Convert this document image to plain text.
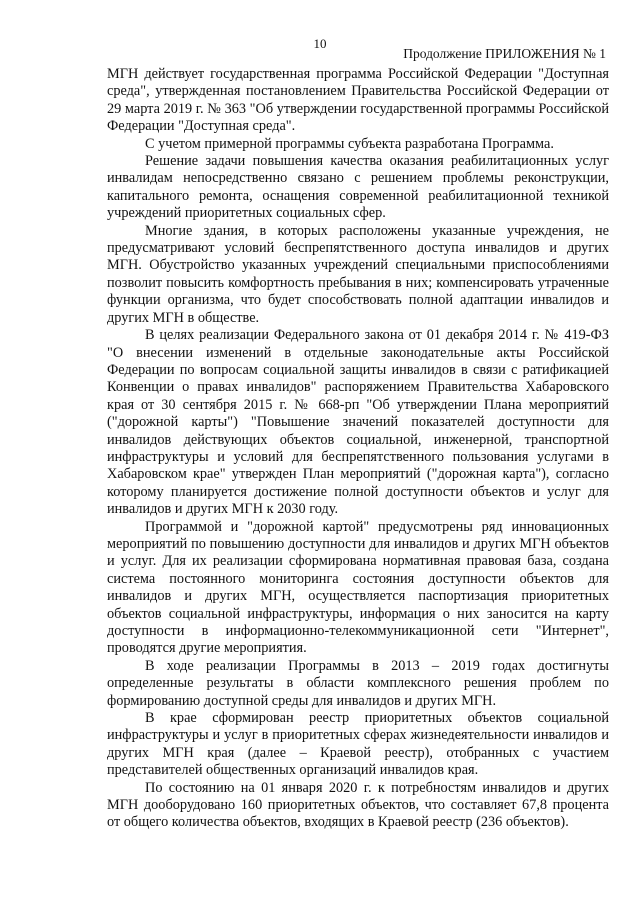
10
Продолжение ПРИЛОЖЕНИЯ № 1

МГН действует государственная программа Российской Федерации "Доступная среда", утвержденная постановлением Правительства Российской Федерации от 29 марта 2019 г. № 363 "Об утверждении государственной программы Российской Федерации "Доступная среда".

С учетом примерной программы субъекта разработана Программа.

Решение задачи повышения качества оказания реабилитационных услуг инвалидам непосредственно связано с решением проблемы реконструкции, капитального ремонта, оснащения современной реабилитационной техникой учреждений приоритетных социальных сфер.

Многие здания, в которых расположены указанные учреждения, не предусматривают условий беспрепятственного доступа инвалидов и других МГН. Обустройство указанных учреждений специальными приспособлениями позволит повысить комфортность пребывания в них; компенсировать утраченные функции организма, что будет способствовать полной адаптации инвалидов и других МГН в обществе.

В целях реализации Федерального закона от 01 декабря 2014 г. № 419-ФЗ "О внесении изменений в отдельные законодательные акты Российской Федерации по вопросам социальной защиты инвалидов в связи с ратификацией Конвенции о правах инвалидов" распоряжением Правительства Хабаровского края от 30 сентября 2015 г. № 668-рп "Об утверждении Плана мероприятий ("дорожной карты") "Повышение значений показателей доступности для инвалидов действующих объектов социальной, инженерной, транспортной инфраструктуры и условий для беспрепятственного пользования услугами в Хабаровском крае" утвержден План мероприятий ("дорожная карта"), согласно которому планируется достижение полной доступности объектов и услуг для инвалидов и других МГН к 2030 году.

Программой и "дорожной картой" предусмотрены ряд инновационных мероприятий по повышению доступности для инвалидов и других МГН объектов и услуг. Для их реализации сформирована нормативная правовая база, создана система постоянного мониторинга состояния доступности объектов для инвалидов и других МГН, осуществляется паспортизация приоритетных объектов социальной инфраструктуры, информация о них заносится на карту доступности в информационно-телекоммуникационной сети "Интернет", проводятся другие мероприятия.

В ходе реализации Программы в 2013 – 2019 годах достигнуты определенные результаты в области комплексного решения проблем по формированию доступной среды для инвалидов и других МГН.

В крае сформирован реестр приоритетных объектов социальной инфраструктуры и услуг в приоритетных сферах жизнедеятельности инвалидов и других МГН края (далее – Краевой реестр), отобранных с участием представителей общественных организаций инвалидов края.

По состоянию на 01 января 2020 г. к потребностям инвалидов и других МГН дооборудовано 160 приоритетных объектов, что составляет 67,8 процента от общего количества объектов, входящих в Краевой реестр (236 объектов).
